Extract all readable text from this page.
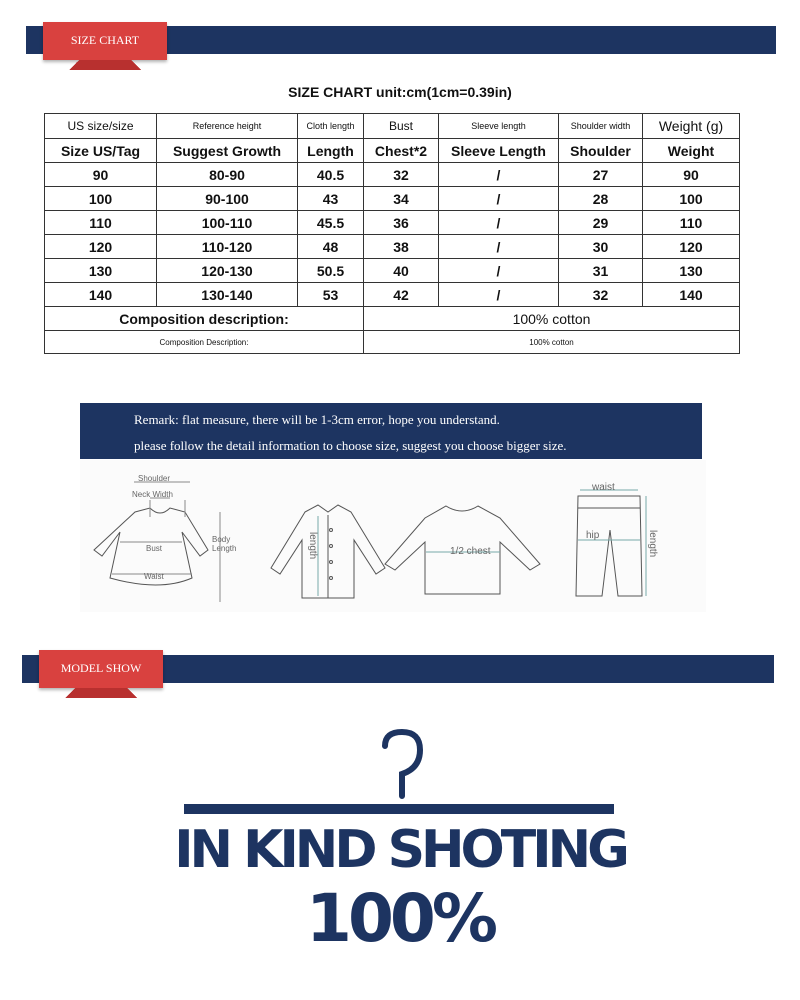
SIZE CHART
SIZE CHART unit:cm(1cm=0.39in)
US size/size	Reference height	Cloth length	Bust	Sleeve length	Shoulder width	Weight (g)
Size US/Tag	Suggest Growth	Length	Chest*2	Sleeve Length	Shoulder	Weight
90	80-90	40.5	32	/	27	90
100	90-100	43	34	/	28	100
110	100-110	45.5	36	/	29	110
120	110-120	48	38	/	30	120
130	120-130	50.5	40	/	31	130
140	130-140	53	42	/	32	140
Composition description:			100% cotton			
Composition Description:			100% cotton			
Remark: flat measure, there will be 1-3cm error, hope you understand.
please follow the detail information to choose size, suggest you choose bigger size.
Shoulder
Neck Width
Body
Length
Bust
Waist
length	1/2 chest
waist
hip	length
MODEL SHOW
IN KIND SHOTING
100%
